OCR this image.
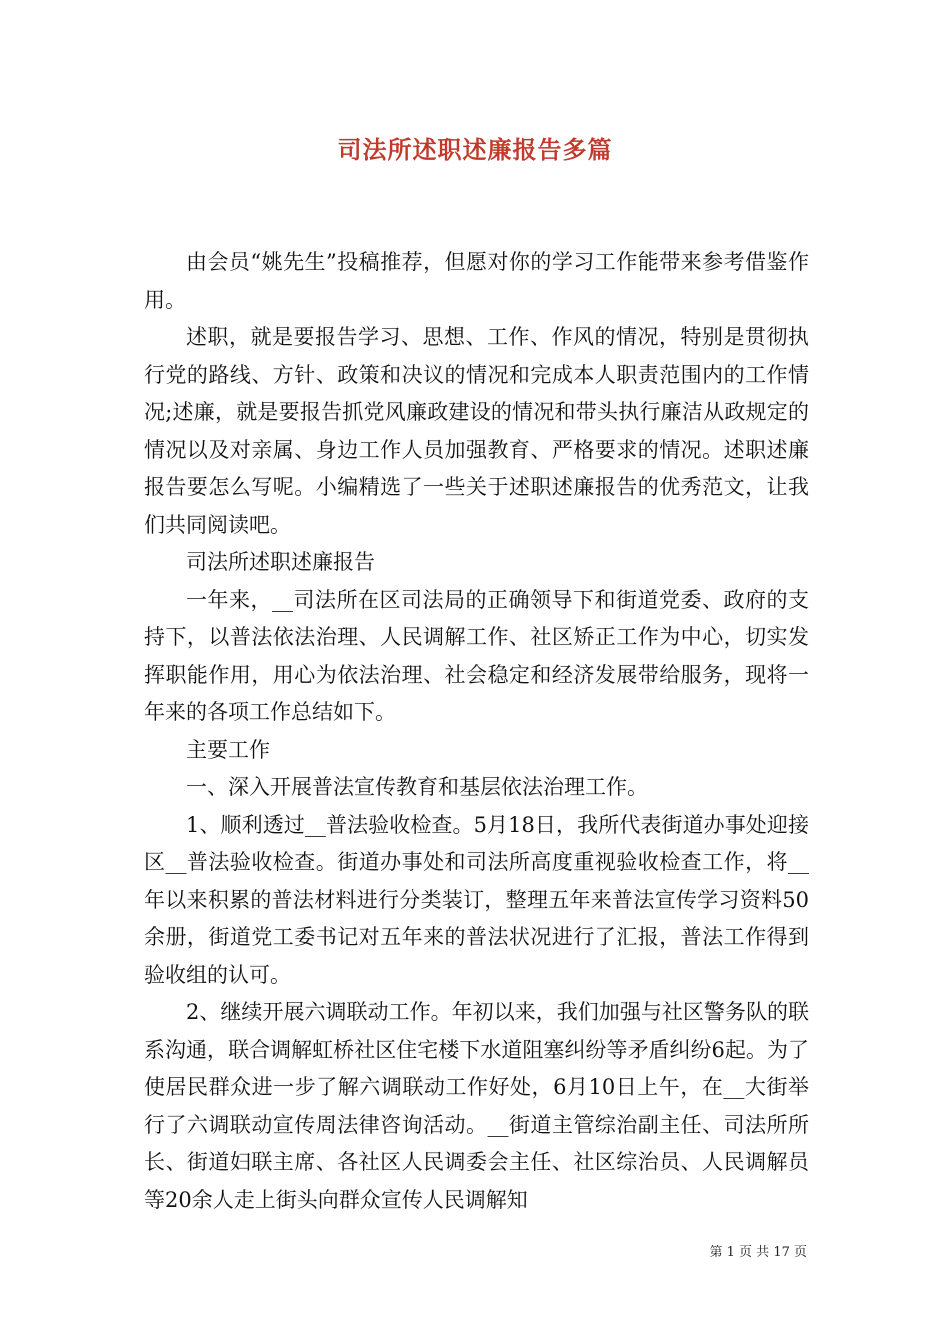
司法所述职述廉报告多篇

由会员“姚先生”投稿推荐，但愿对你的学习工作能带来参考借鉴作用。

述职，就是要报告学习、思想、工作、作风的情况，特别是贯彻执行党的路线、方针、政策和决议的情况和完成本人职责范围内的工作情况;述廉，就是要报告抓党风廉政建设的情况和带头执行廉洁从政规定的情况以及对亲属、身边工作人员加强教育、严格要求的情况。述职述廉报告要怎么写呢。小编精选了一些关于述职述廉报告的优秀范文，让我们共同阅读吧。

司法所述职述廉报告

一年来，__司法所在区司法局的正确领导下和街道党委、政府的支持下，以普法依法治理、人民调解工作、社区矫正工作为中心，切实发挥职能作用，用心为依法治理、社会稳定和经济发展带给服务，现将一年来的各项工作总结如下。

主要工作

一、深入开展普法宣传教育和基层依法治理工作。

1、顺利透过__普法验收检查。5月18日，我所代表街道办事处迎接区__普法验收检查。街道办事处和司法所高度重视验收检查工作，将__年以来积累的普法材料进行分类装订，整理五年来普法宣传学习资料50余册，街道党工委书记对五年来的普法状况进行了汇报，普法工作得到验收组的认可。

2、继续开展六调联动工作。年初以来，我们加强与社区警务队的联系沟通，联合调解虹桥社区住宅楼下水道阻塞纠纷等矛盾纠纷6起。为了使居民群众进一步了解六调联动工作好处，6月10日上午，在__大街举行了六调联动宣传周法律咨询活动。__街道主管综治副主任、司法所所长、街道妇联主席、各社区人民调委会主任、社区综治员、人民调解员等20余人走上街头向群众宣传人民调解知

第 1 页 共 17 页
